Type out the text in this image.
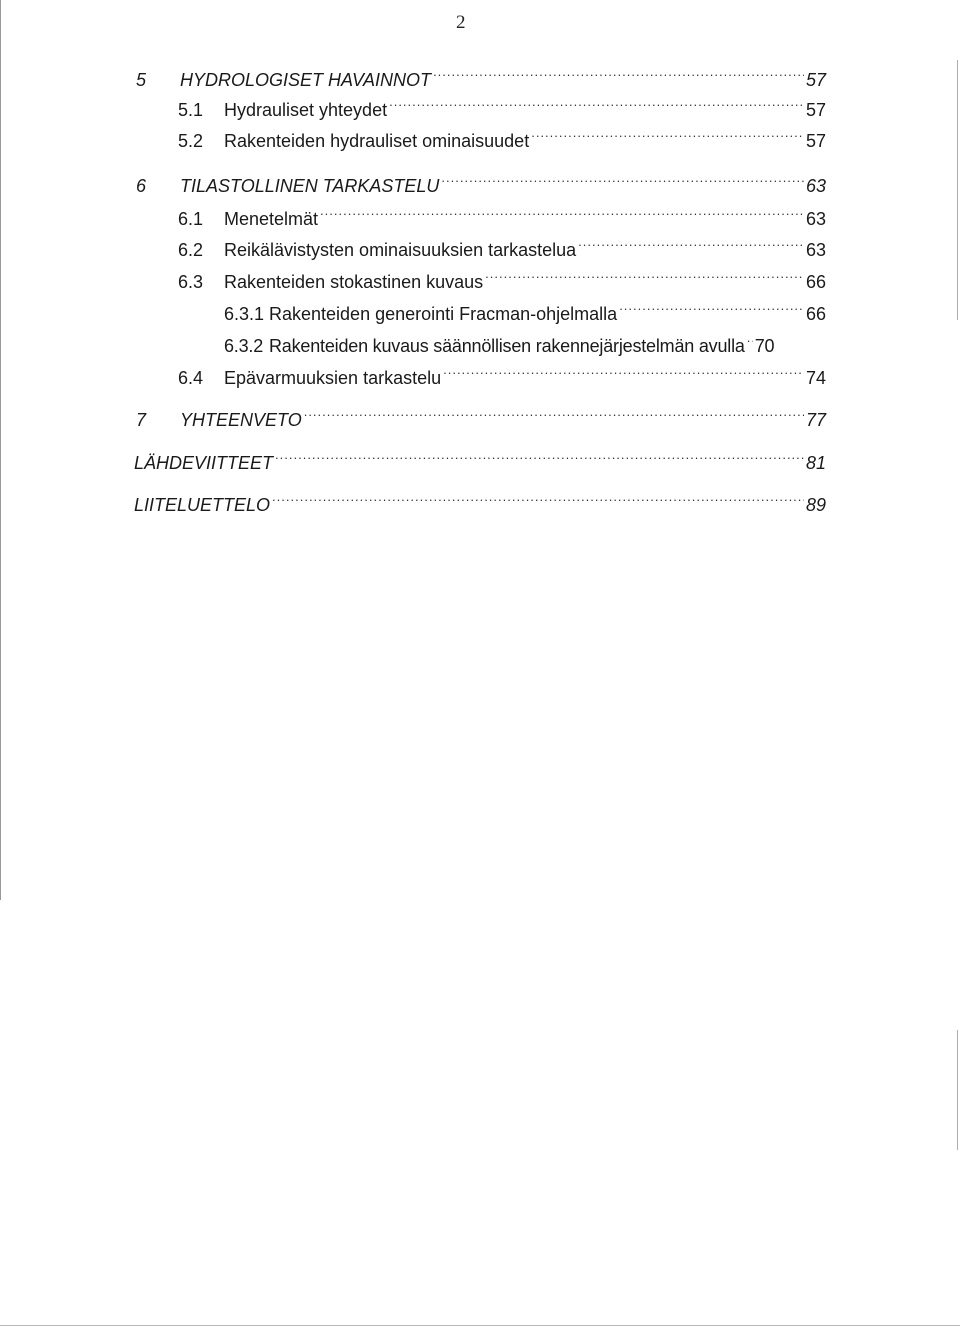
2
5	HYDROLOGISET HAVAINNOT .....	57
5.1	Hydrauliset yhteydet .....	57
5.2	Rakenteiden hydrauliset ominaisuudet .....	57
6	TILASTOLLINEN TARKASTELU .....	63
6.1	Menetelmät .....	63
6.2	Reikälävistysten ominaisuuksien tarkastelua .....	63
6.3	Rakenteiden stokastinen kuvaus .....	66
6.3.1 Rakenteiden generointi Fracman-ohjelmalla .....	66
6.3.2 Rakenteiden kuvaus säännöllisen rakennejärjestelmän avulla ..... 70
6.4	Epävarmuuksien tarkastelu .....	74
7	YHTEENVETO .....	77
LÄHDEVIITTEET .....	81
LIITELUETTELO .....	89
